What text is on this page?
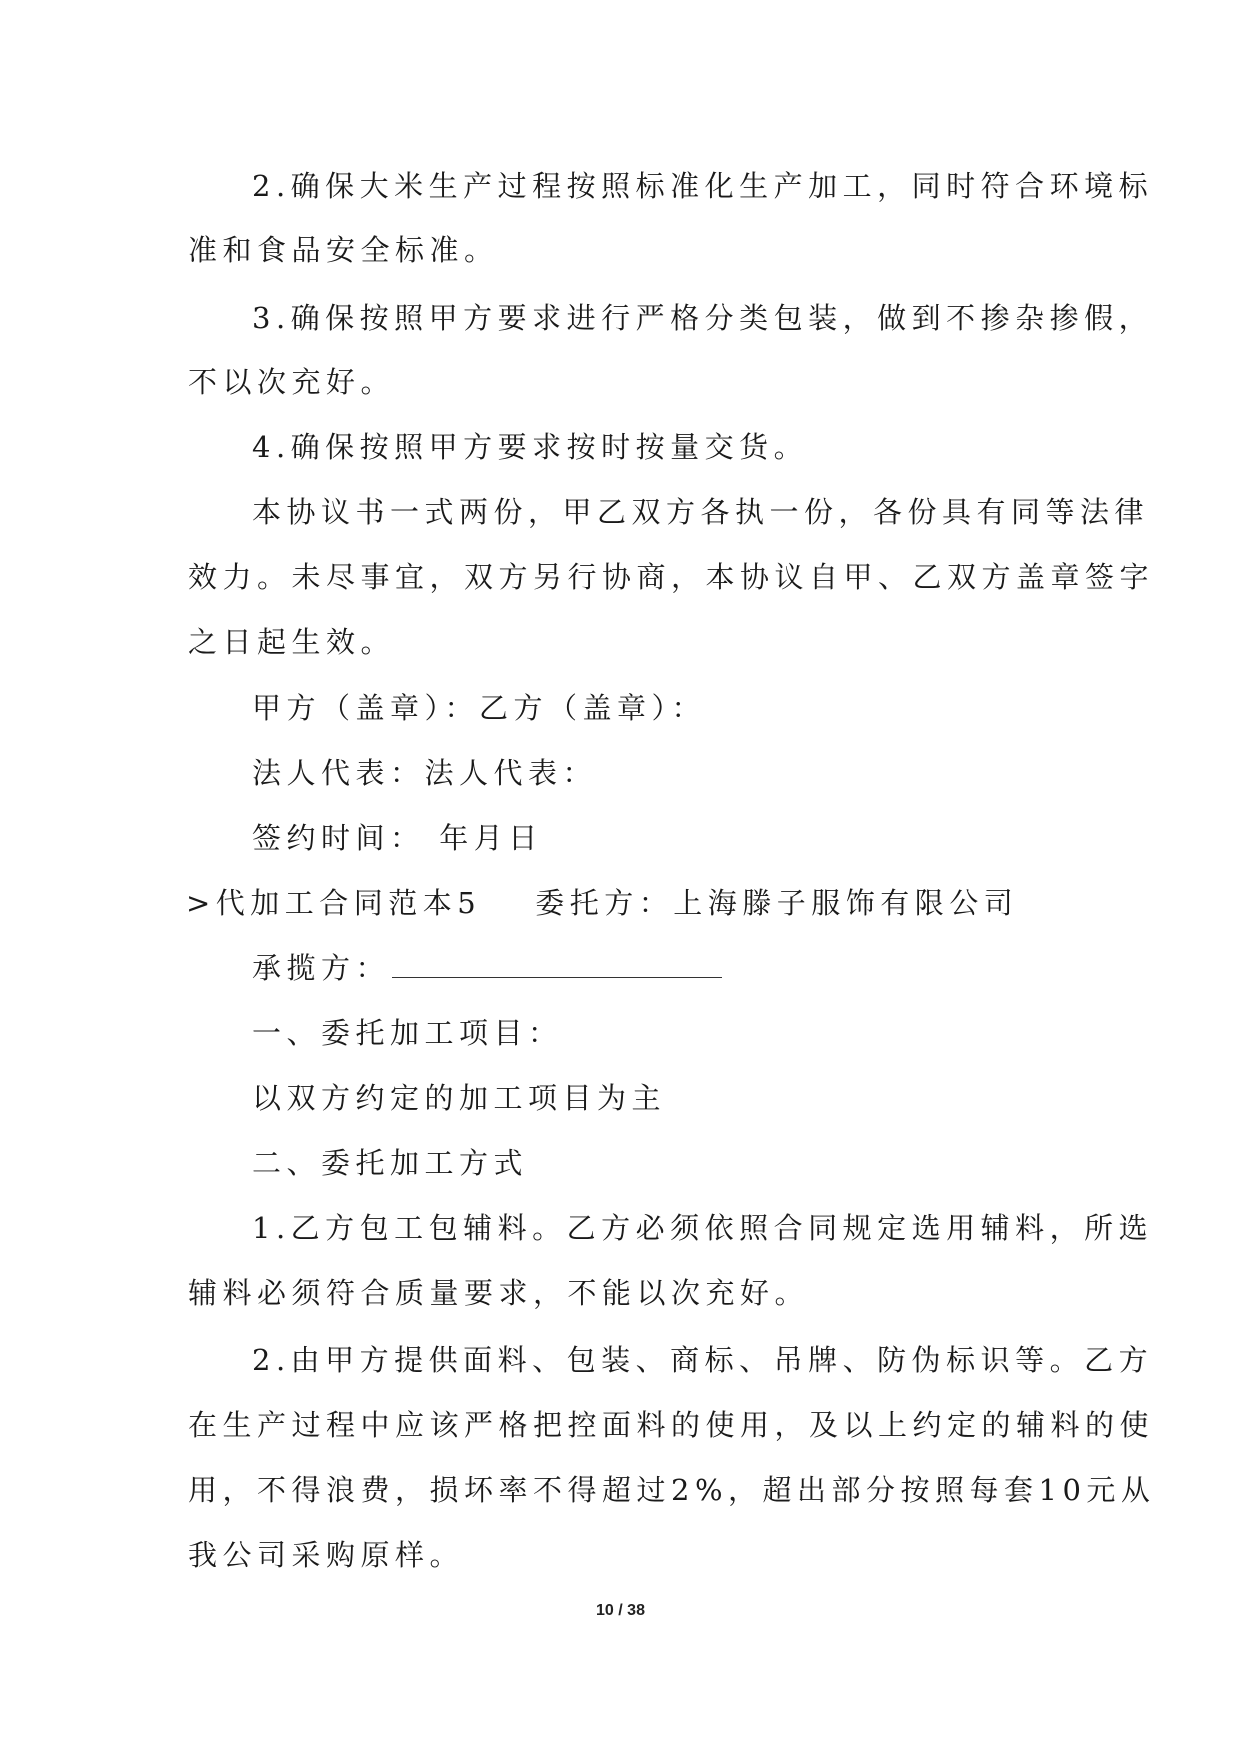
2.确保大米生产过程按照标准化生产加工，同时符合环境标
准和食品安全标准。
3.确保按照甲方要求进行严格分类包装，做到不掺杂掺假，
不以次充好。
4.确保按照甲方要求按时按量交货。
本协议书一式两份，甲乙双方各执一份，各份具有同等法律
效力。未尽事宜，双方另行协商，本协议自甲、乙双方盖章签字
之日起生效。
甲方（盖章）：乙方（盖章）：
法人代表：法人代表：
签约时间： 年月日
>代加工合同范本5 委托方：上海滕子服饰有限公司
承揽方：
一、委托加工项目：
以双方约定的加工项目为主
二、委托加工方式
1.乙方包工包辅料。乙方必须依照合同规定选用辅料，所选
辅料必须符合质量要求，不能以次充好。
2.由甲方提供面料、包装、商标、吊牌、防伪标识等。乙方
在生产过程中应该严格把控面料的使用，及以上约定的辅料的使
用，不得浪费，损坏率不得超过2%，超出部分按照每套10元从
我公司采购原样。
10 / 38
